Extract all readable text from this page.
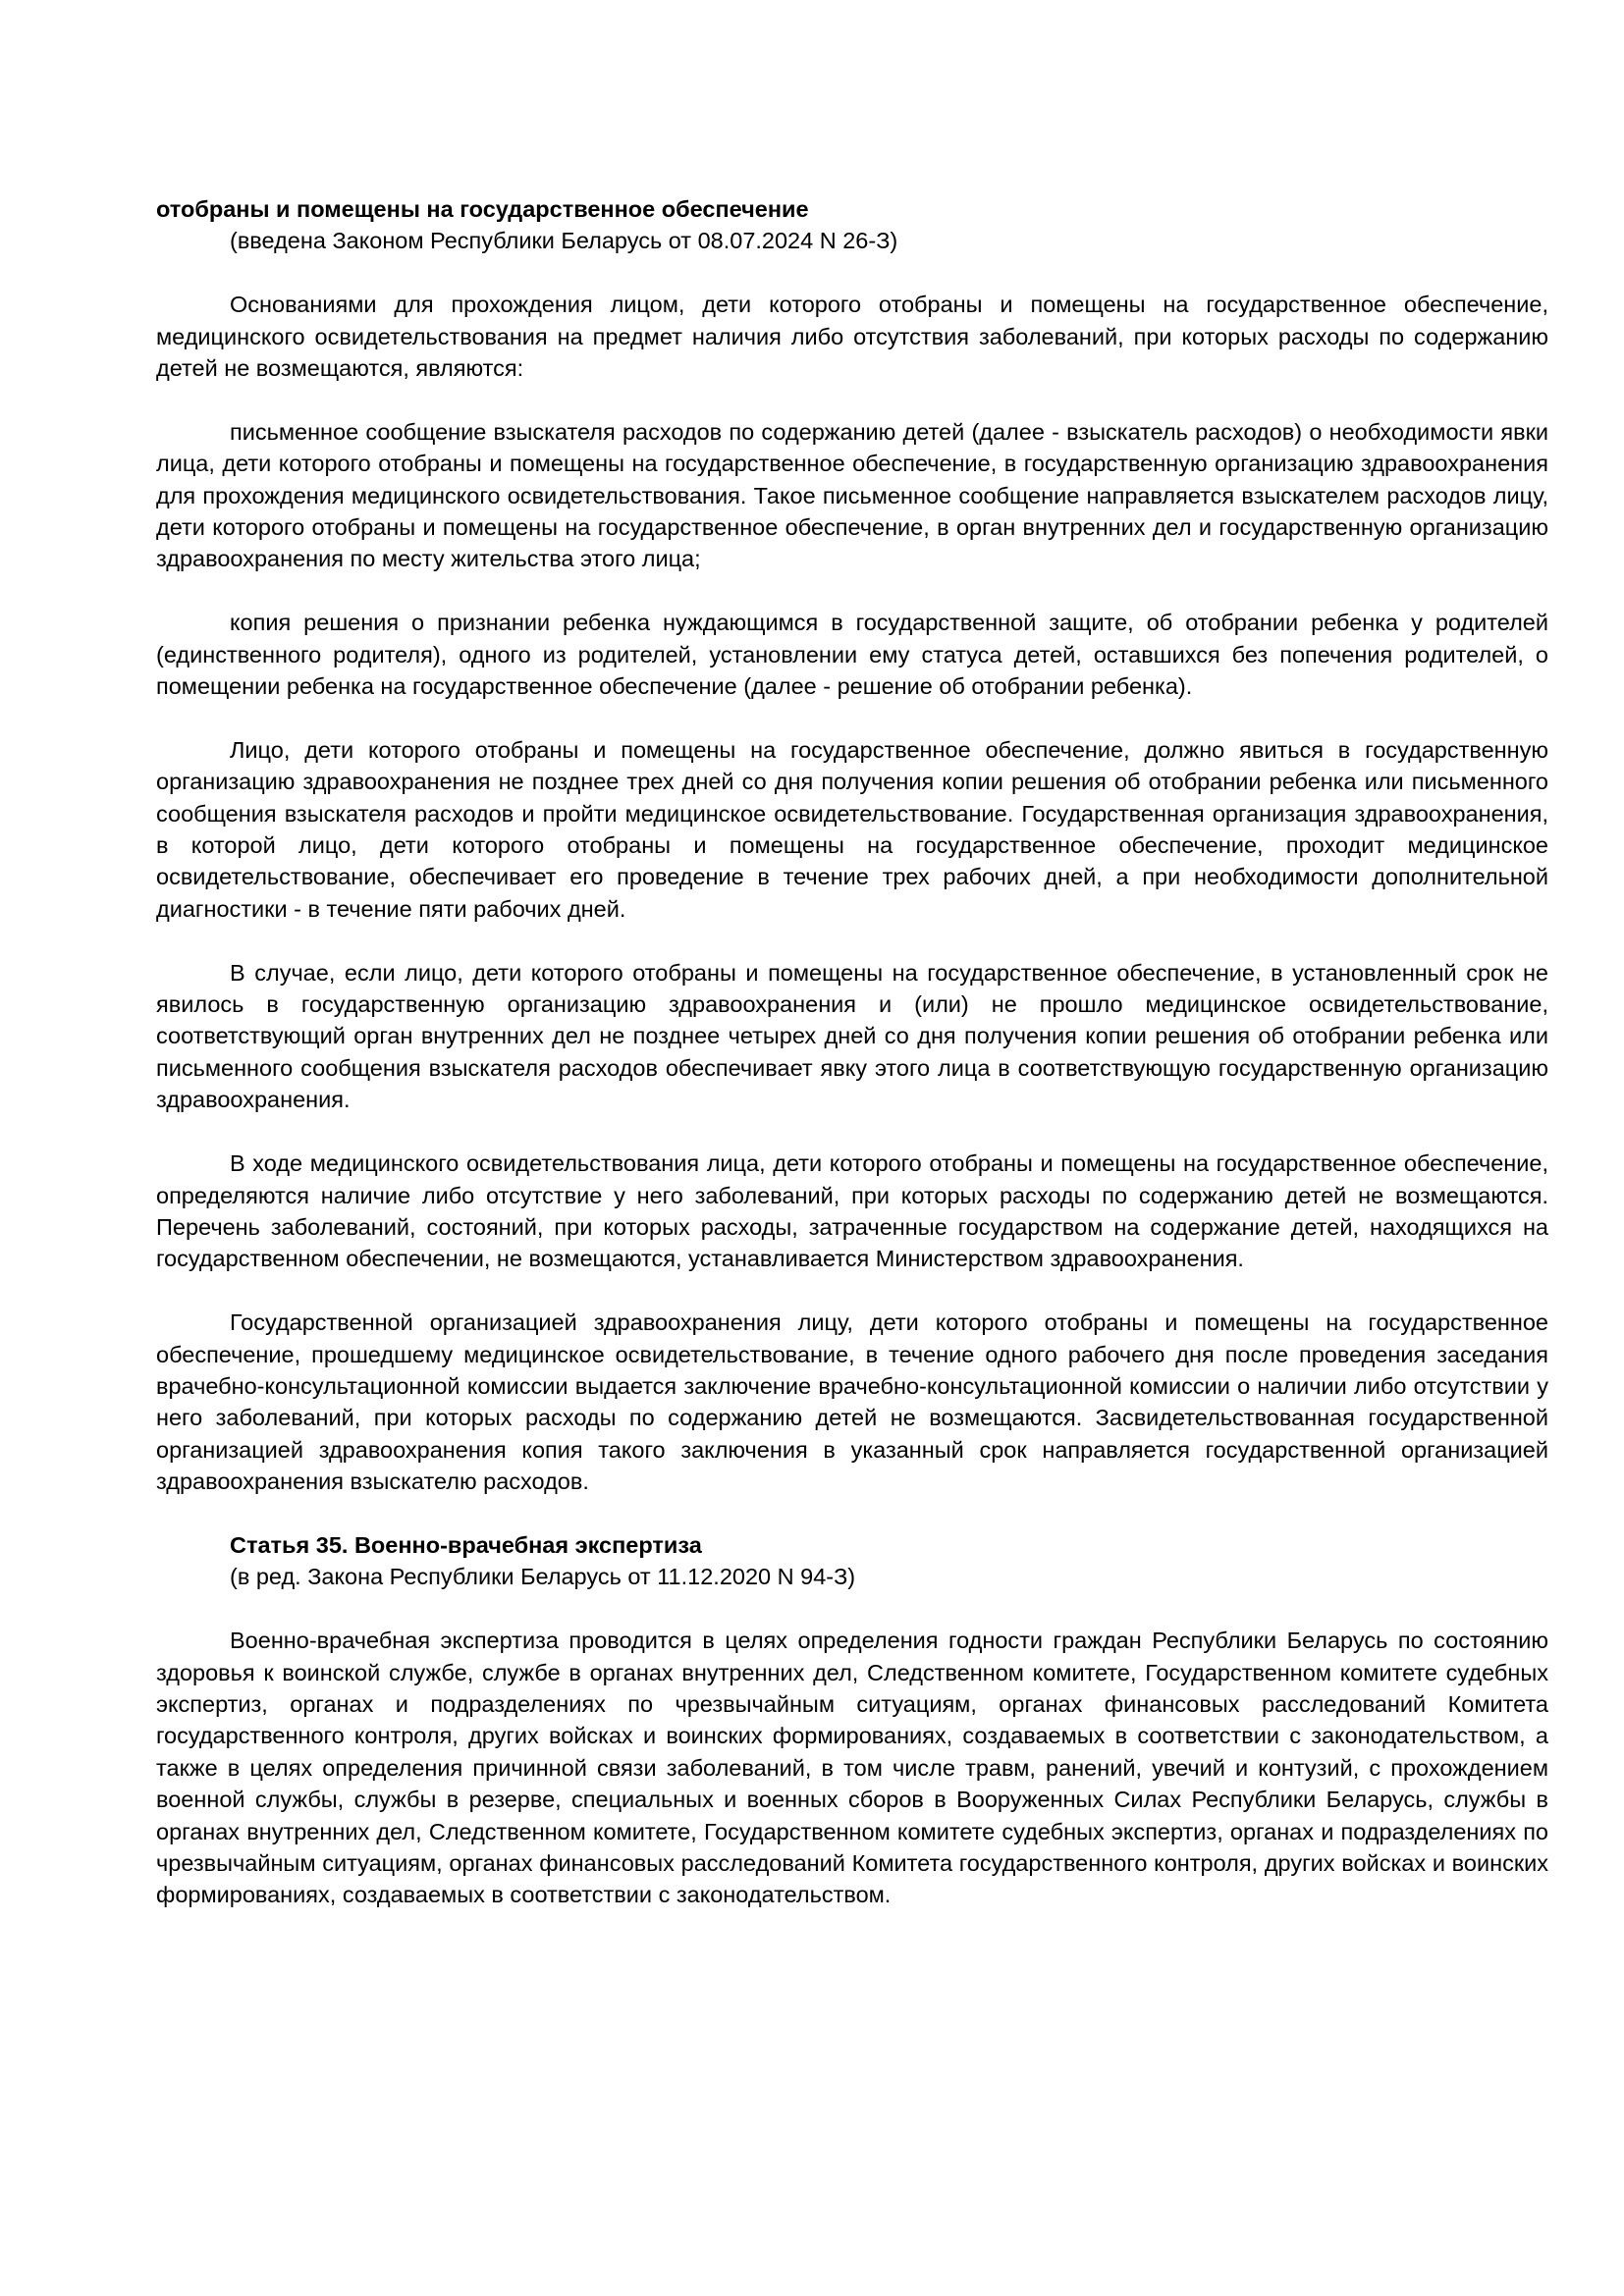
отобраны и помещены на государственное обеспечение

(введена Законом Республики Беларусь от 08.07.2024 N 26-З)

Основаниями для прохождения лицом, дети которого отобраны и помещены на государственное обеспечение, медицинского освидетельствования на предмет наличия либо отсутствия заболеваний, при которых расходы по содержанию детей не возмещаются, являются:

письменное сообщение взыскателя расходов по содержанию детей (далее - взыскатель расходов) о необходимости явки лица, дети которого отобраны и помещены на государственное обеспечение, в государственную организацию здравоохранения для прохождения медицинского освидетельствования. Такое письменное сообщение направляется взыскателем расходов лицу, дети которого отобраны и помещены на государственное обеспечение, в орган внутренних дел и государственную организацию здравоохранения по месту жительства этого лица;

копия решения о признании ребенка нуждающимся в государственной защите, об отобрании ребенка у родителей (единственного родителя), одного из родителей, установлении ему статуса детей, оставшихся без попечения родителей, о помещении ребенка на государственное обеспечение (далее - решение об отобрании ребенка).

Лицо, дети которого отобраны и помещены на государственное обеспечение, должно явиться в государственную организацию здравоохранения не позднее трех дней со дня получения копии решения об отобрании ребенка или письменного сообщения взыскателя расходов и пройти медицинское освидетельствование. Государственная организация здравоохранения, в которой лицо, дети которого отобраны и помещены на государственное обеспечение, проходит медицинское освидетельствование, обеспечивает его проведение в течение трех рабочих дней, а при необходимости дополнительной диагностики - в течение пяти рабочих дней.

В случае, если лицо, дети которого отобраны и помещены на государственное обеспечение, в установленный срок не явилось в государственную организацию здравоохранения и (или) не прошло медицинское освидетельствование, соответствующий орган внутренних дел не позднее четырех дней со дня получения копии решения об отобрании ребенка или письменного сообщения взыскателя расходов обеспечивает явку этого лица в соответствующую государственную организацию здравоохранения.

В ходе медицинского освидетельствования лица, дети которого отобраны и помещены на государственное обеспечение, определяются наличие либо отсутствие у него заболеваний, при которых расходы по содержанию детей не возмещаются. Перечень заболеваний, состояний, при которых расходы, затраченные государством на содержание детей, находящихся на государственном обеспечении, не возмещаются, устанавливается Министерством здравоохранения.

Государственной организацией здравоохранения лицу, дети которого отобраны и помещены на государственное обеспечение, прошедшему медицинское освидетельствование, в течение одного рабочего дня после проведения заседания врачебно-консультационной комиссии выдается заключение врачебно-консультационной комиссии о наличии либо отсутствии у него заболеваний, при которых расходы по содержанию детей не возмещаются. Засвидетельствованная государственной организацией здравоохранения копия такого заключения в указанный срок направляется государственной организацией здравоохранения взыскателю расходов.

Статья 35. Военно-врачебная экспертиза

(в ред. Закона Республики Беларусь от 11.12.2020 N 94-З)

Военно-врачебная экспертиза проводится в целях определения годности граждан Республики Беларусь по состоянию здоровья к воинской службе, службе в органах внутренних дел, Следственном комитете, Государственном комитете судебных экспертиз, органах и подразделениях по чрезвычайным ситуациям, органах финансовых расследований Комитета государственного контроля, других войсках и воинских формированиях, создаваемых в соответствии с законодательством, а также в целях определения причинной связи заболеваний, в том числе травм, ранений, увечий и контузий, с прохождением военной службы, службы в резерве, специальных и военных сборов в Вооруженных Силах Республики Беларусь, службы в органах внутренних дел, Следственном комитете, Государственном комитете судебных экспертиз, органах и подразделениях по чрезвычайным ситуациям, органах финансовых расследований Комитета государственного контроля, других войсках и воинских формированиях, создаваемых в соответствии с законодательством.
